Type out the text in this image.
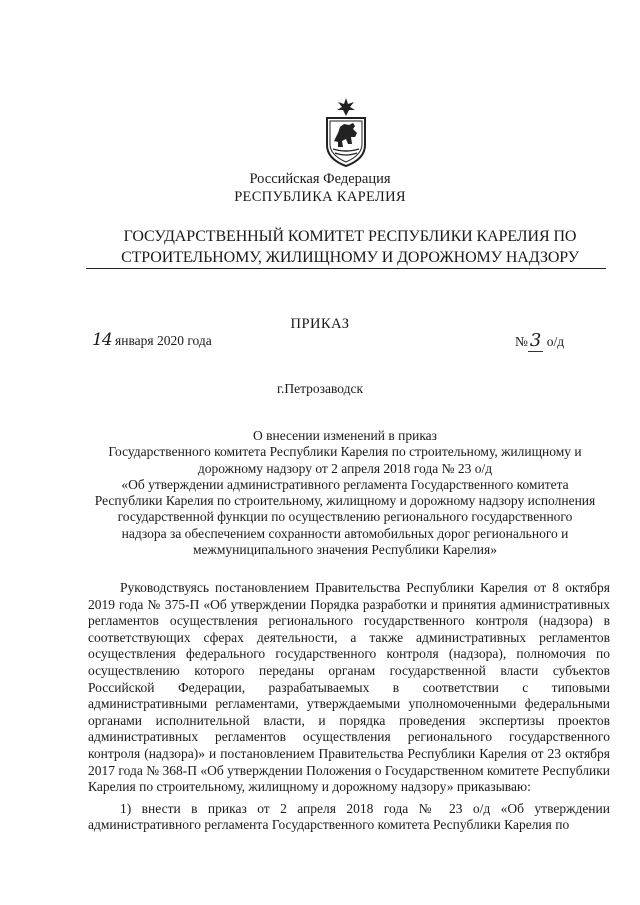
Российская Федерация
РЕСПУБЛИКА КАРЕЛИЯ
ГОСУДАРСТВЕННЫЙ КОМИТЕТ РЕСПУБЛИКИ КАРЕЛИЯ ПО
СТРОИТЕЛЬНОМУ, ЖИЛИЩНОМУ И ДОРОЖНОМУ НАДЗОРУ
ПРИКАЗ
14 января 2020 года	№ 3 о/д
г.Петрозаводск
О внесении изменений в приказ
Государственного комитета Республики Карелия по строительному, жилищному и
дорожному надзору от 2 апреля 2018 года № 23 о/д
«Об утверждении административного регламента Государственного комитета
Республики Карелия по строительному, жилищному и дорожному надзору исполнения
государственной функции по осуществлению регионального государственного
надзора за обеспечением сохранности автомобильных дорог регионального и
межмуниципального значения Республики Карелия»

Руководствуясь постановлением Правительства Республики Карелия от 8 октября 2019 года № 375-П «Об утверждении Порядка разработки и принятия административных регламентов осуществления регионального государственного контроля (надзора) в соответствующих сферах деятельности, а также административных регламентов осуществления федерального государственного контроля (надзора), полномочия по осуществлению которого переданы органам государственной власти субъектов Российской Федерации, разрабатываемых в соответствии с типовыми административными регламентами, утверждаемыми уполномоченными федеральными органами исполнительной власти, и порядка проведения экспертизы проектов административных регламентов осуществления регионального государственного контроля (надзора)» и постановлением Правительства Республики Карелия от 23 октября 2017 года № 368-П «Об утверждении Положения о Государственном комитете Республики Карелия по строительному, жилищному и дорожному надзору» приказываю:

1) внести в приказ от 2 апреля 2018 года № 23 о/д «Об утверждении административного регламента Государственного комитета Республики Карелия по
